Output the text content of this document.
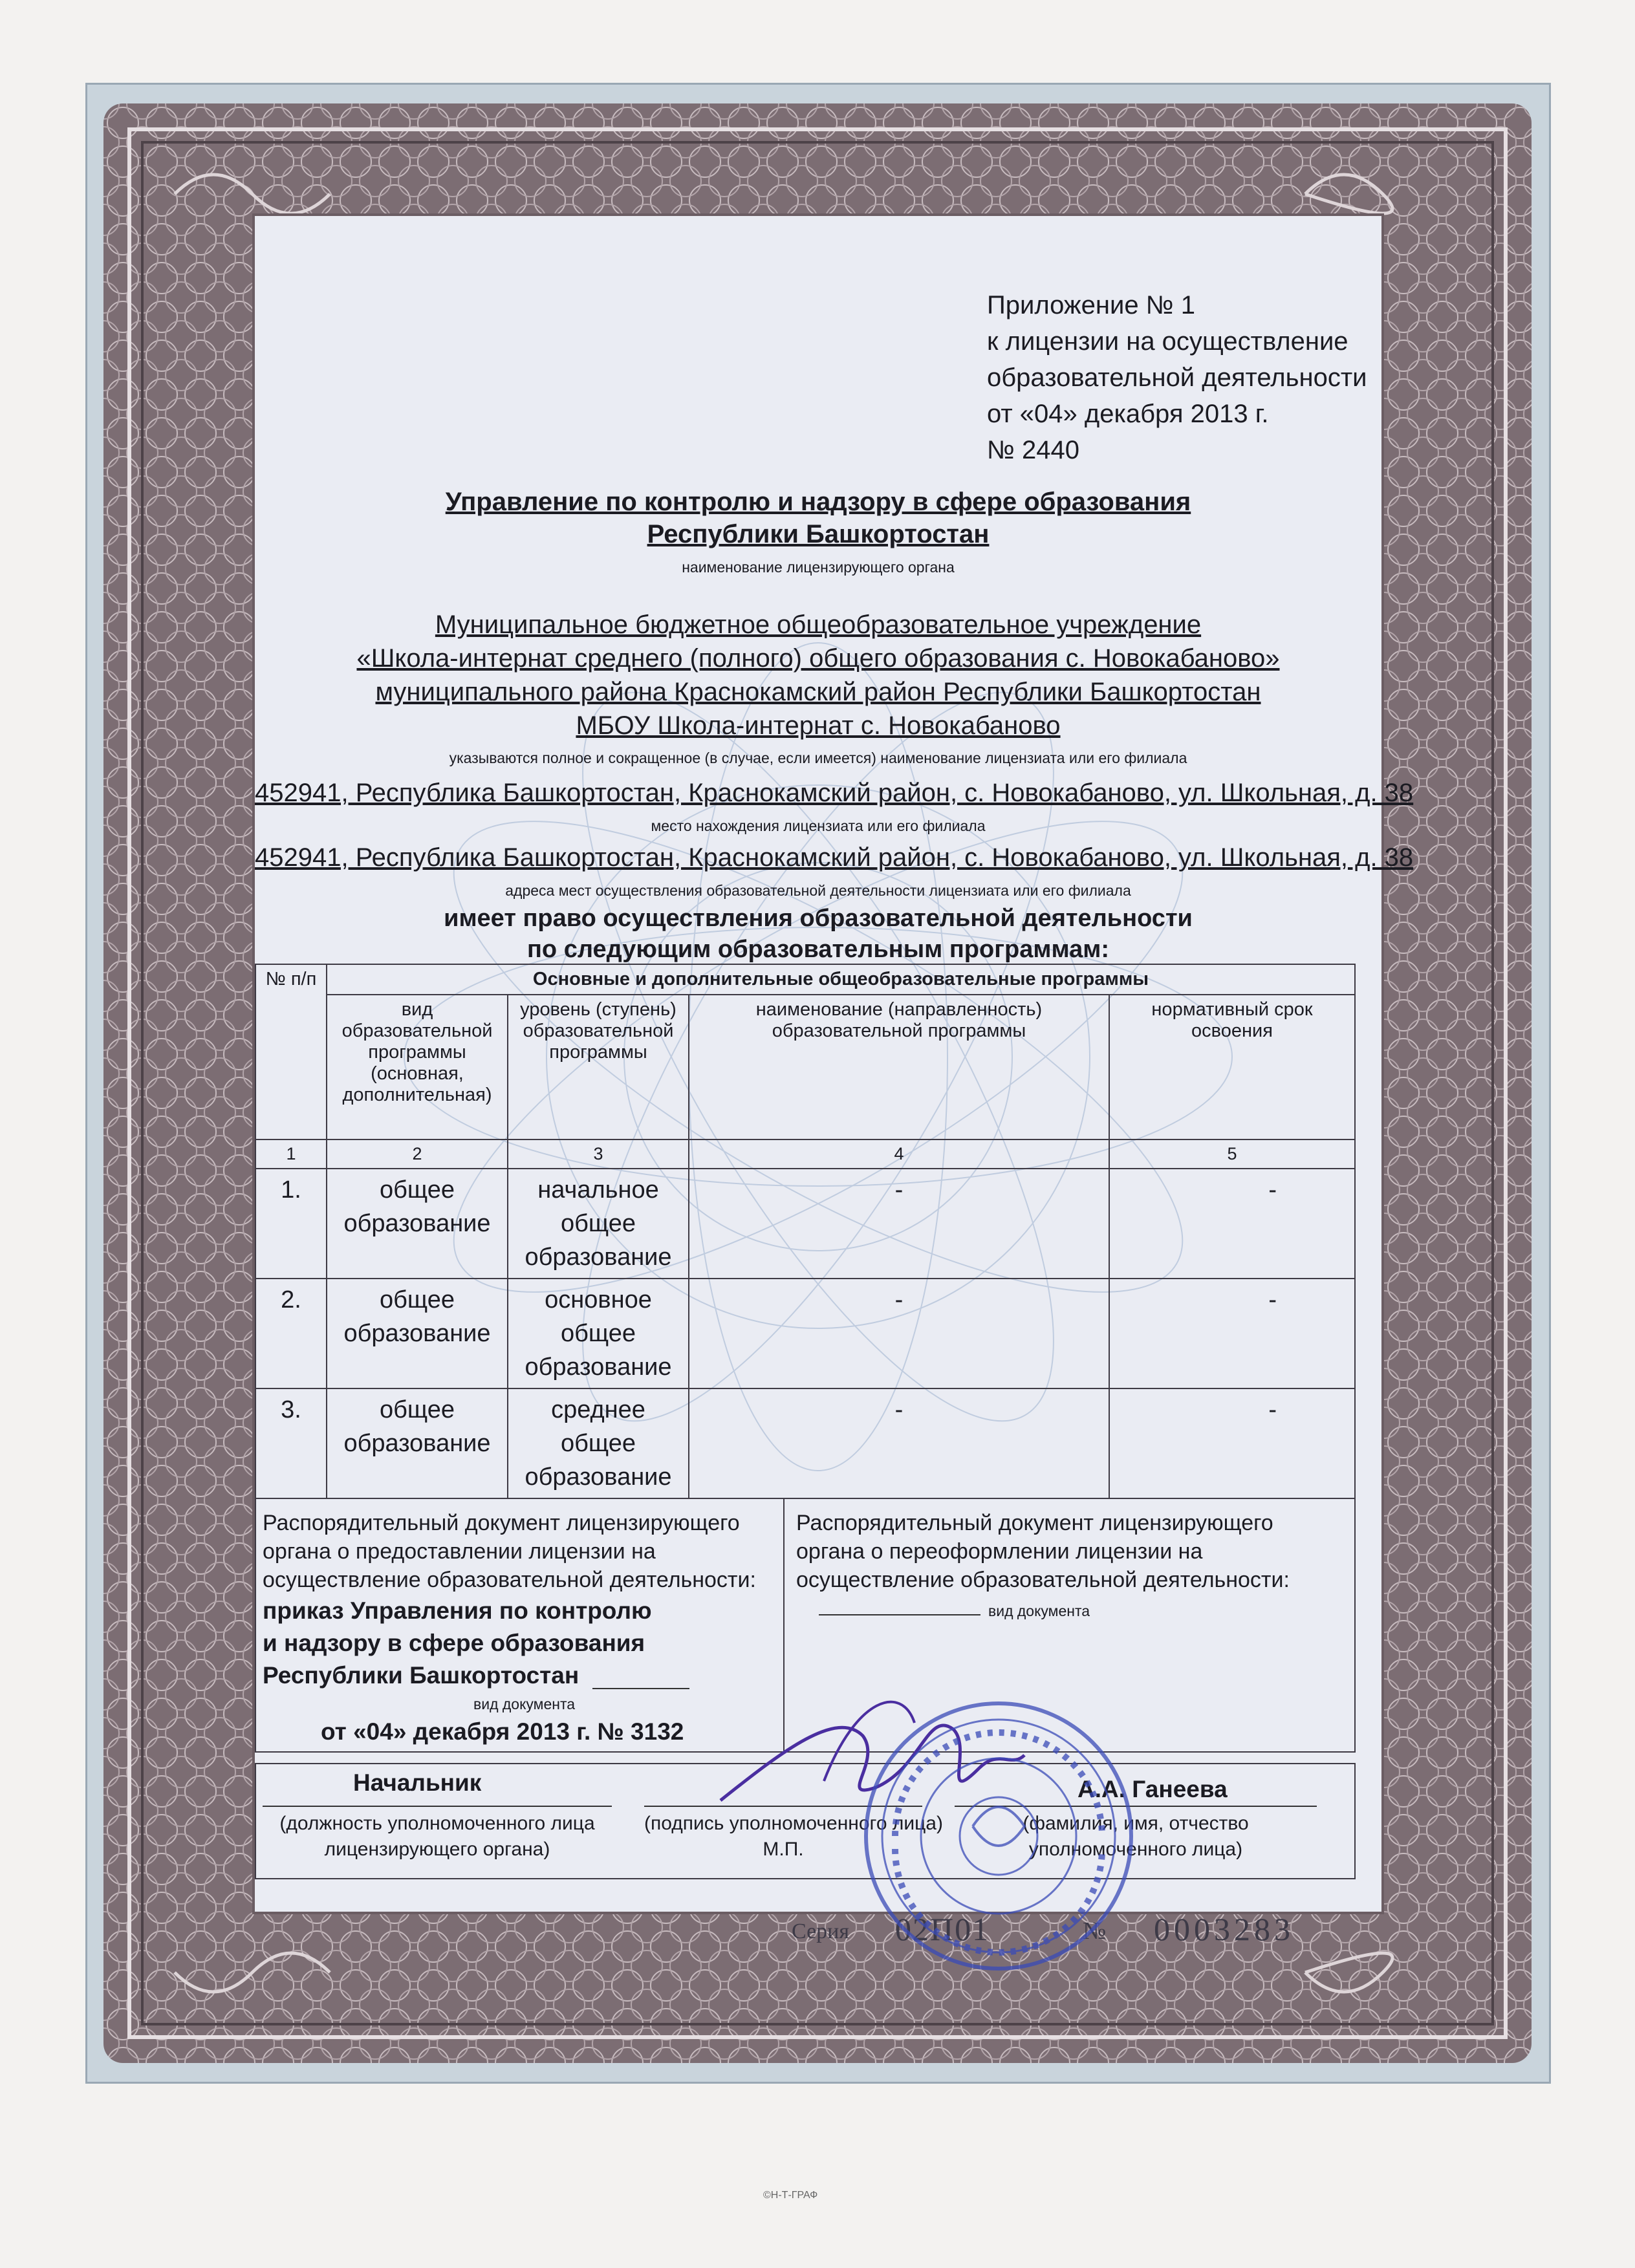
Приложение № 1
к лицензии на осуществление
образовательной деятельности
от «04» декабря 2013 г.
№ 2440
Управление по контролю и надзору в сфере образования
Республики Башкортостан
наименование лицензирующего органа
Муниципальное бюджетное общеобразовательное учреждение
«Школа-интернат среднего (полного) общего образования с. Новокабаново»
муниципального района Краснокамский район Республики Башкортостан
МБОУ Школа-интернат с. Новокабаново
указываются полное и сокращенное (в случае, если имеется) наименование лицензиата или его филиала
452941, Республика Башкортостан, Краснокамский район, с. Новокабаново, ул. Школьная, д. 38
место нахождения лицензиата или его филиала
452941, Республика Башкортостан, Краснокамский район, с. Новокабаново, ул. Школьная, д. 38
адреса мест осуществления образовательной деятельности лицензиата или его филиала
имеет право осуществления образовательной деятельности
по следующим образовательным программам:
№ п/п	Основные и дополнительные общеобразовательные программы			
	вид образовательной программы (основная, дополнительная)	уровень (ступень) образовательной программы	наименование (направленность) образовательной программы	нормативный срок освоения
1	2	3	4	5
1.	общее образование	начальное общее образование	-	-
2.	общее образование	основное общее образование	-	-
3.	общее образование	среднее общее образование	-	-
Распорядительный документ лицензирующего
органа о предоставлении лицензии на
осуществление образовательной деятельности:
приказ Управления по контролю
и надзору в сфере образования
Республики Башкортостан
вид документа
от «04» декабря 2013 г. № 3132
Распорядительный документ лицензирующего
органа о переоформлении лицензии на
осуществление образовательной деятельности:
вид документа
Начальник
(должность уполномоченного лица
лицензирующего органа)
(подпись уполномоченного лица)
М.П.
А.А. Ганеева
(фамилия, имя, отчество
уполномоченного лица)
Серия 02П01	№ 0003283
©Н-Т-ГРАФ
